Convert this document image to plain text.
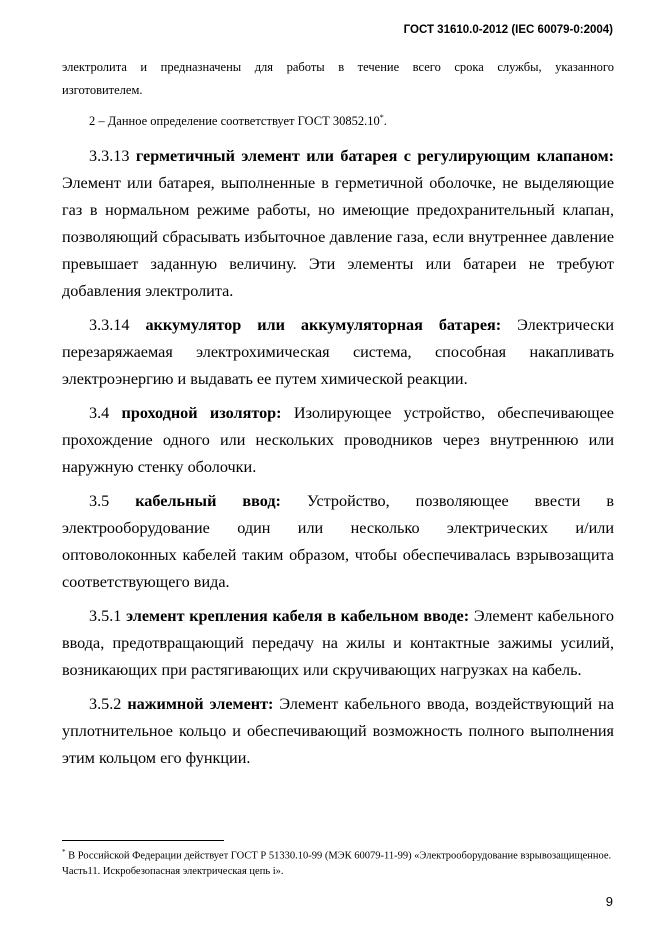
ГОСТ 31610.0-2012 (IEC 60079-0:2004)

электролита и предназначены для работы в течение всего срока службы, указанного

изготовителем.

2 – Данное определение соответствует ГОСТ 30852.10*.

3.3.13 герметичный элемент или батарея с регулирующим клапаном: Элемент или батарея, выполненные в герметичной оболочке, не выделяющие газ в нормальном режиме работы, но имеющие предохранительный клапан, позволяющий сбрасывать избыточное давление газа, если внутреннее давление превышает заданную величину. Эти элементы или батареи не требуют добавления электролита.

3.3.14 аккумулятор или аккумуляторная батарея: Электрически перезаряжаемая электрохимическая система, способная накапливать электроэнергию и выдавать ее путем химической реакции.

3.4 проходной изолятор: Изолирующее устройство, обеспечивающее прохождение одного или нескольких проводников через внутреннюю или наружную стенку оболочки.

3.5 кабельный ввод: Устройство, позволяющее ввести в электрооборудование один или несколько электрических и/или оптоволоконных кабелей таким образом, чтобы обеспечивалась взрывозащита соответствующего вида.

3.5.1 элемент крепления кабеля в кабельном вводе: Элемент кабельного ввода, предотвращающий передачу на жилы и контактные зажимы усилий, возникающих при растягивающих или скручивающих нагрузках на кабель.

3.5.2 нажимной элемент: Элемент кабельного ввода, воздействующий на уплотнительное кольцо и обеспечивающий возможность полного выполнения этим кольцом его функции.

* В Российской Федерации действует ГОСТ Р 51330.10-99 (МЭК 60079-11-99) «Электрооборудование взрывозащищенное. Часть11. Искробезопасная электрическая цепь i».

9
